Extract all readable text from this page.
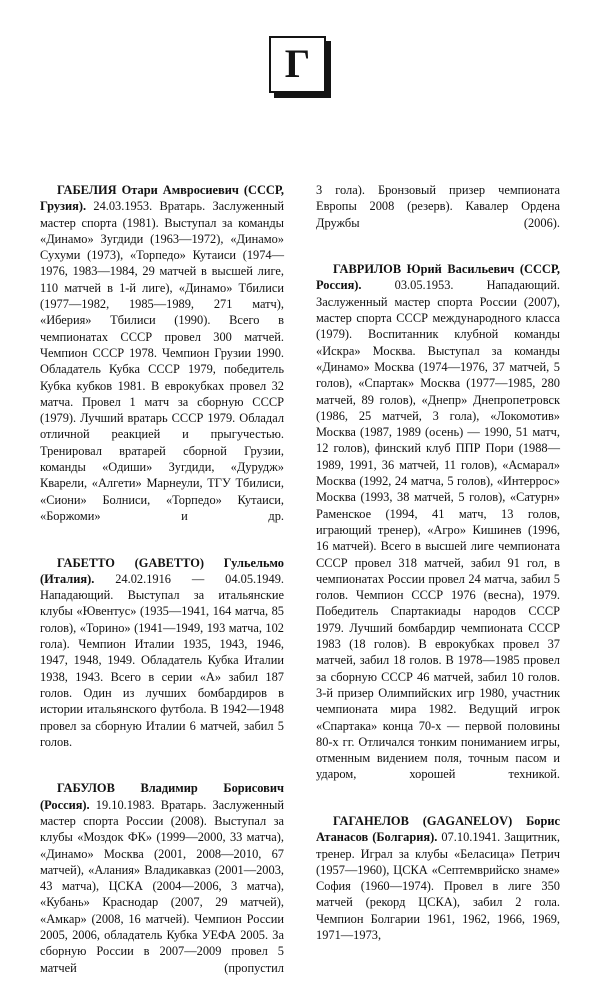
Г
ГАБЕЛИЯ Отари Амвросиевич (СССР, Грузия). 24.03.1953. Вратарь. Заслуженный мастер спорта (1981). Выступал за команды «Динамо» Зугдиди (1963—1972), «Динамо» Сухуми (1973), «Торпедо» Кутаиси (1974—1976, 1983—1984, 29 матчей в высшей лиге, 110 матчей в 1-й лиге), «Динамо» Тбилиси (1977—1982, 1985—1989, 271 матч), «Иберия» Тбилиси (1990). Всего в чемпионатах СССР провел 300 матчей. Чемпион СССР 1978. Чемпион Грузии 1990. Обладатель Кубка СССР 1979, победитель Кубка кубков 1981. В еврокубках провел 32 матча. Провел 1 матч за сборную СССР (1979). Лучший вратарь СССР 1979. Обладал отличной реакцией и прыгучестью. Тренировал вратарей сборной Грузии, команды «Одиши» Зугдиди, «Дурудж» Кварели, «Алгети» Марнеули, ТГУ Тбилиси, «Сиони» Болниси, «Торпедо» Кутаиси, «Боржоми» и др.
ГАБЕТТО (GABETTO) Гульельмо (Италия). 24.02.1916 — 04.05.1949. Нападающий. Выступал за итальянские клубы «Ювентус» (1935—1941, 164 матча, 85 голов), «Торино» (1941—1949, 193 матча, 102 гола). Чемпион Италии 1935, 1943, 1946, 1947, 1948, 1949. Обладатель Кубка Италии 1938, 1943. Всего в серии «А» забил 187 голов. Один из лучших бомбардиров в истории итальянского футбола. В 1942—1948 провел за сборную Италии 6 матчей, забил 5 голов.
ГАБУЛОВ Владимир Борисович (Россия). 19.10.1983. Вратарь. Заслуженный мастер спорта России (2008). Выступал за клубы «Моздок ФК» (1999—2000, 33 матча), «Динамо» Москва (2001, 2008—2010, 67 матчей), «Алания» Владикавказ (2001—2003, 43 матча), ЦСКА (2004—2006, 3 матча), «Кубань» Краснодар (2007, 29 матчей), «Амкар» (2008, 16 матчей). Чемпион России 2005, 2006, обладатель Кубка УЕФА 2005. За сборную России в 2007—2009 провел 5 матчей (пропустил
3 гола). Бронзовый призер чемпионата Европы 2008 (резерв). Кавалер Ордена Дружбы (2006).
ГАВРИЛОВ Юрий Васильевич (СССР, Россия). 03.05.1953. Нападающий. Заслуженный мастер спорта России (2007), мастер спорта СССР международного класса (1979). Воспитанник клубной команды «Искра» Москва. Выступал за команды «Динамо» Москва (1974—1976, 37 матчей, 5 голов), «Спартак» Москва (1977—1985, 280 матчей, 89 голов), «Днепр» Днепропетровск (1986, 25 матчей, 3 гола), «Локомотив» Москва (1987, 1989 (осень) — 1990, 51 матч, 12 голов), финский клуб ППР Пори (1988—1989, 1991, 36 матчей, 11 голов), «Асмарал» Москва (1992, 24 матча, 5 голов), «Интеррос» Москва (1993, 38 матчей, 5 голов), «Сатурн» Раменское (1994, 41 матч, 13 голов, играющий тренер), «Агро» Кишинев (1996, 16 матчей). Всего в высшей лиге чемпионата СССР провел 318 матчей, забил 91 гол, в чемпионатах России провел 24 матча, забил 5 голов. Чемпион СССР 1976 (весна), 1979. Победитель Спартакиады народов СССР 1979. Лучший бомбардир чемпионата СССР 1983 (18 голов). В еврокубках провел 37 матчей, забил 18 голов. В 1978—1985 провел за сборную СССР 46 матчей, забил 10 голов. 3-й призер Олимпийских игр 1980, участник чемпионата мира 1982. Ведущий игрок «Спартака» конца 70-х — первой половины 80-х гг. Отличался тонким пониманием игры, отменным видением поля, точным пасом и ударом, хорошей техникой.
ГАГАНЕЛОВ (GAGANELOV) Борис Атанасов (Болгария). 07.10.1941. Защитник, тренер. Играл за клубы «Беласица» Петрич (1957—1960), ЦСКА «Септемврийско знаме» София (1960—1974). Провел в лиге 350 матчей (рекорд ЦСКА), забил 2 гола. Чемпион Болгарии 1961, 1962, 1966, 1969, 1971—1973,
